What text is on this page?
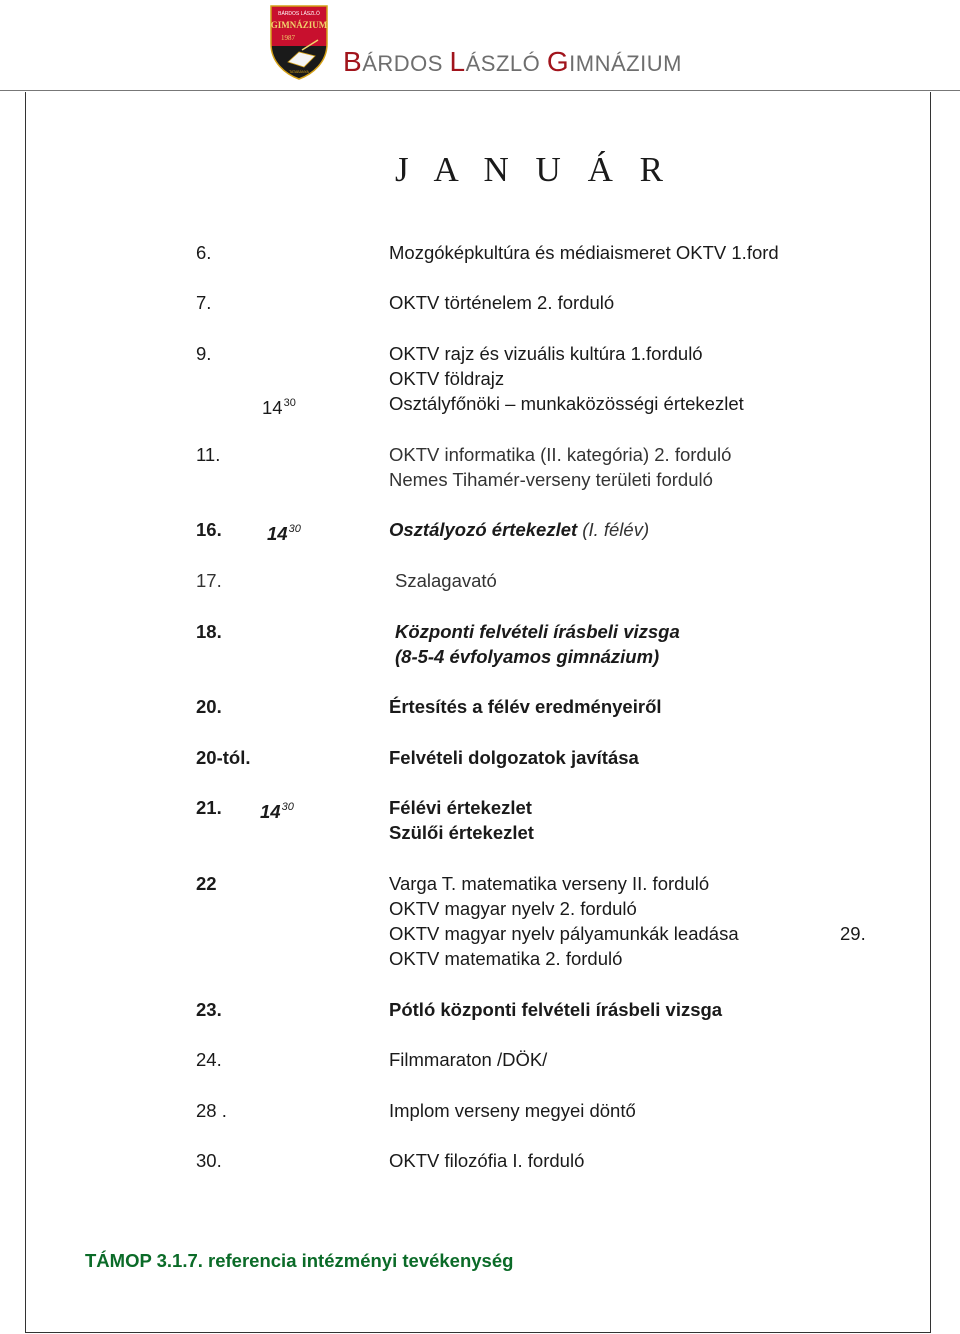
BÁRDOS LÁSZLÓ
GIMNÁZIUM
1987
TATABÁNYA BÁRDOS LÁSZLÓ GIMNÁZIUM
J A N U Á R
6.	Mozgóképkultúra és médiaismeret OKTV 1.ford
7.	OKTV történelem 2. forduló
9.	OKTV rajz és vizuális kultúra 1.forduló
OKTV földrajz
$14^{30}$	Osztályfőnöki – munkaközösségi értekezlet
11.	OKTV informatika (II. kategória) 2. forduló
Nemes Tihamér-verseny területi forduló
16. $14^{30}$	Osztályozó értekezlet (I. félév)
17.	Szalagavató
18.	Központi felvételi írásbeli vizsga
(8-5-4 évfolyamos gimnázium)
20.	Értesítés a félév eredményeiről
20-tól.	Felvételi dolgozatok javítása
21. $14^{30}$	Félévi értekezlet
Szülői értekezlet
22	Varga T. matematika verseny II. forduló
OKTV magyar nyelv 2. forduló
OKTV magyar nyelv pályamunkák leadása	29.
OKTV matematika 2. forduló
23.	Pótló központi felvételi írásbeli vizsga
24.	Filmmaraton /DÖK/
28 .	Implom verseny megyei döntő
30.	OKTV filozófia I. forduló
TÁMOP 3.1.7. referencia intézményi tevékenység
